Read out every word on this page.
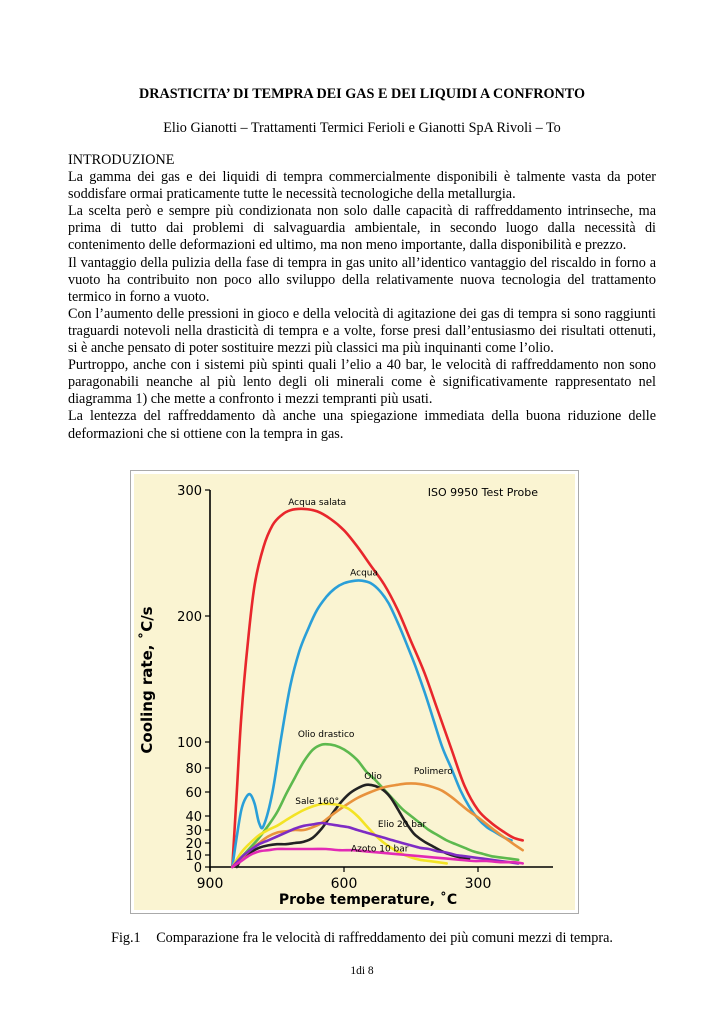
DRASTICITA’ DI TEMPRA DEI GAS E DEI LIQUIDI A CONFRONTO
Elio Gianotti – Trattamenti Termici Ferioli e Gianotti SpA Rivoli – To

INTRODUZIONE

La gamma dei gas e dei liquidi di tempra commercialmente disponibili è talmente vasta da poter soddisfare ormai praticamente tutte le necessità tecnologiche della metallurgia.

La scelta però e sempre più condizionata non solo dalle capacità di raffreddamento intrinseche, ma prima di tutto dai problemi di salvaguardia ambientale, in secondo luogo dalla necessità di contenimento delle deformazioni ed ultimo, ma non meno importante, dalla disponibilità e prezzo.

Il vantaggio della pulizia della fase di tempra in gas unito all’identico vantaggio del riscaldo in forno a vuoto ha contribuito non poco allo sviluppo della relativamente nuova tecnologia del trattamento termico in forno a vuoto.

Con l’aumento delle pressioni in gioco e della velocità di agitazione dei gas di tempra si sono raggiunti traguardi notevoli nella drasticità di tempra e a volte, forse presi dall’entusiasmo dei risultati ottenuti, si è anche pensato di poter sostituire mezzi più classici ma più inquinanti come l’olio.

Purtroppo, anche con i sistemi più spinti quali l’elio a 40 bar, le velocità di raffreddamento non sono paragonabili neanche al più lento degli oli minerali come è significativamente rappresentato nel diagramma 1) che mette a confronto i mezzi tempranti più usati.

La lentezza del raffreddamento dà anche una spiegazione immediata della buona riduzione delle deformazioni che si ottiene con la tempra in gas.

0
10
20
30
40
60
80
100
200
300
900	600	300
Acqua salata
Acqua
Olio drastico
Olio	Polimero
Sale 160°
Elio 20 bar
Azoto 10 bar
ISO 9950 Test Probe
Cooling rate, ˚C/s
Probe temperature, ˚C
Fig.1 Comparazione fra le velocità di raffreddamento dei più comuni mezzi di tempra.
1di 8
